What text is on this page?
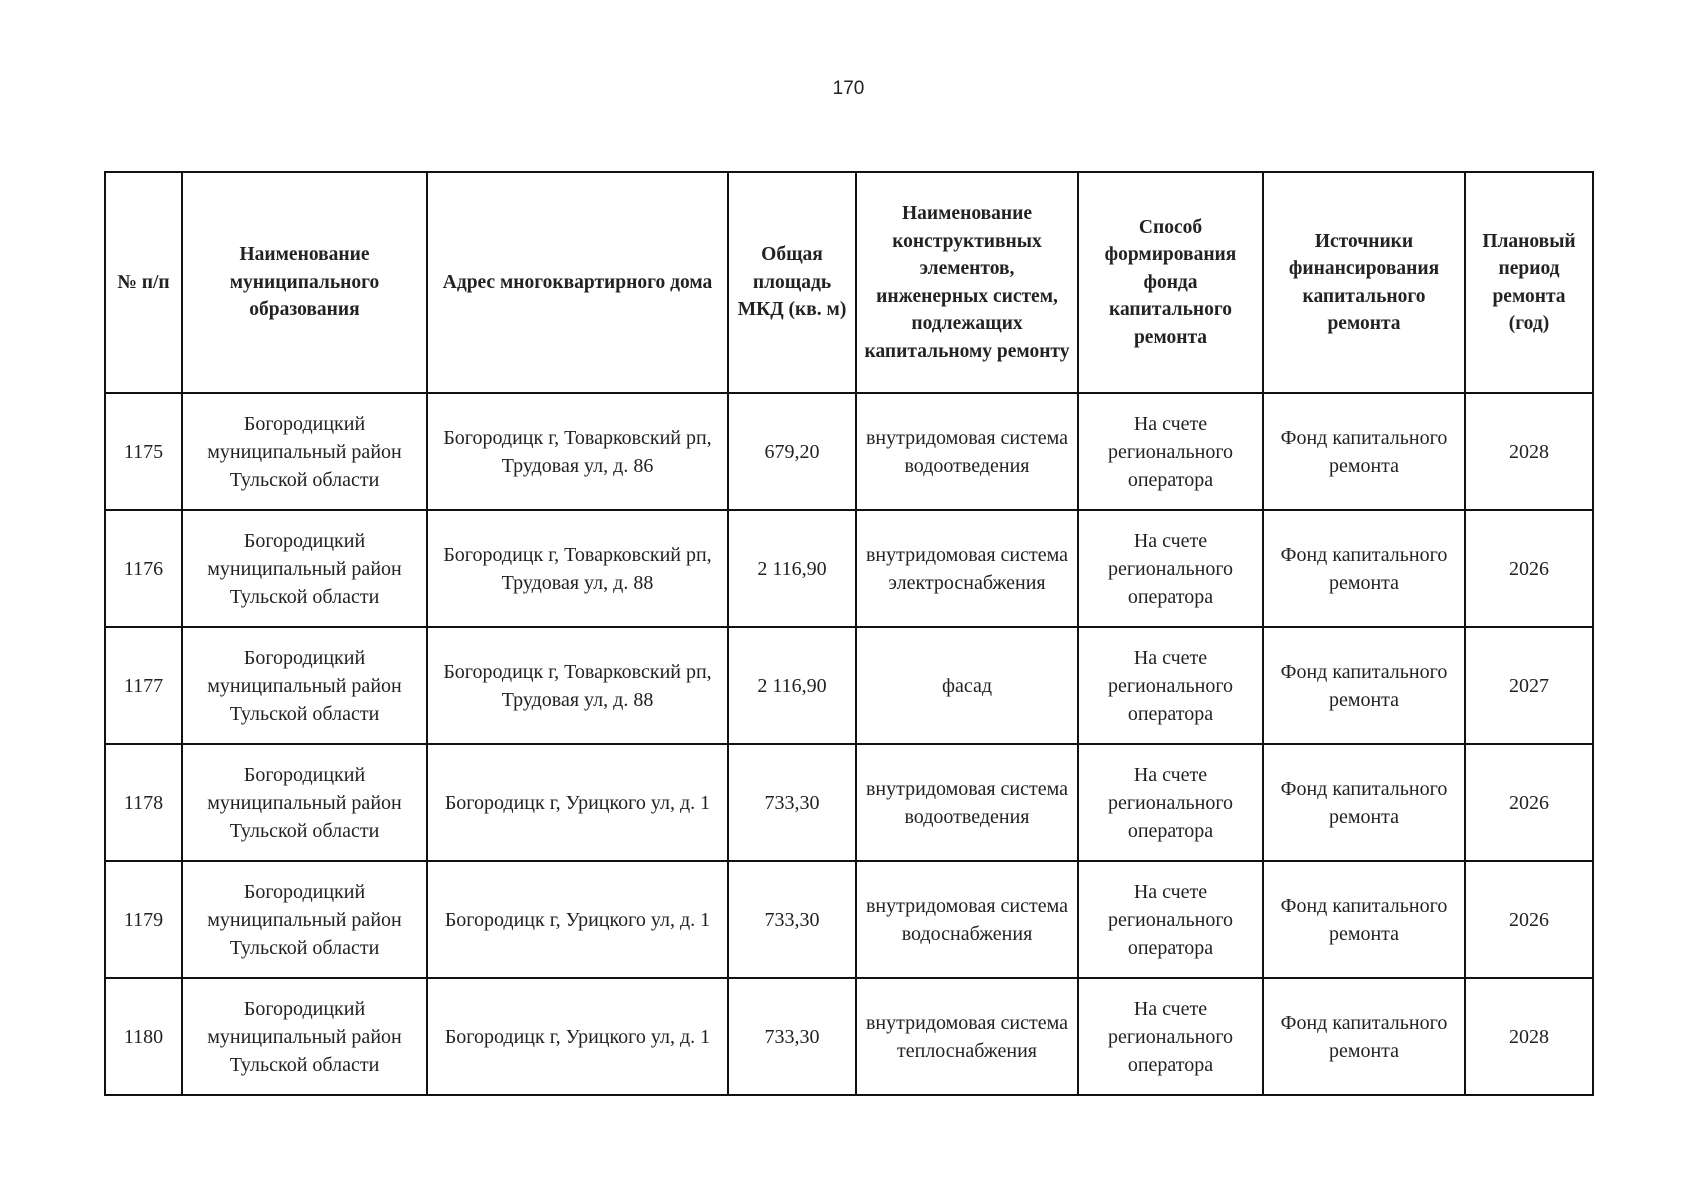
170
№ п/п	Наименование муниципального образования	Адрес многоквартирного дома	Общая площадь МКД (кв. м)	Наименование конструктивных элементов, инженерных систем, подлежащих капитальному ремонту	Способ формирования фонда капитального ремонта	Источники финансирования капитального ремонта	Плановый период ремонта (год)
1175	Богородицкий муниципальный район Тульской области	Богородицк г, Товарковский рп, Трудовая ул, д. 86	679,20	внутридомовая система водоотведения	На счете регионального оператора	Фонд капитального ремонта	2028
1176	Богородицкий муниципальный район Тульской области	Богородицк г, Товарковский рп, Трудовая ул, д. 88	2 116,90	внутридомовая система электроснабжения	На счете регионального оператора	Фонд капитального ремонта	2026
1177	Богородицкий муниципальный район Тульской области	Богородицк г, Товарковский рп, Трудовая ул, д. 88	2 116,90	фасад	На счете регионального оператора	Фонд капитального ремонта	2027
1178	Богородицкий муниципальный район Тульской области	Богородицк г, Урицкого ул, д. 1	733,30	внутридомовая система водоотведения	На счете регионального оператора	Фонд капитального ремонта	2026
1179	Богородицкий муниципальный район Тульской области	Богородицк г, Урицкого ул, д. 1	733,30	внутридомовая система водоснабжения	На счете регионального оператора	Фонд капитального ремонта	2026
1180	Богородицкий муниципальный район Тульской области	Богородицк г, Урицкого ул, д. 1	733,30	внутридомовая система теплоснабжения	На счете регионального оператора	Фонд капитального ремонта	2028
